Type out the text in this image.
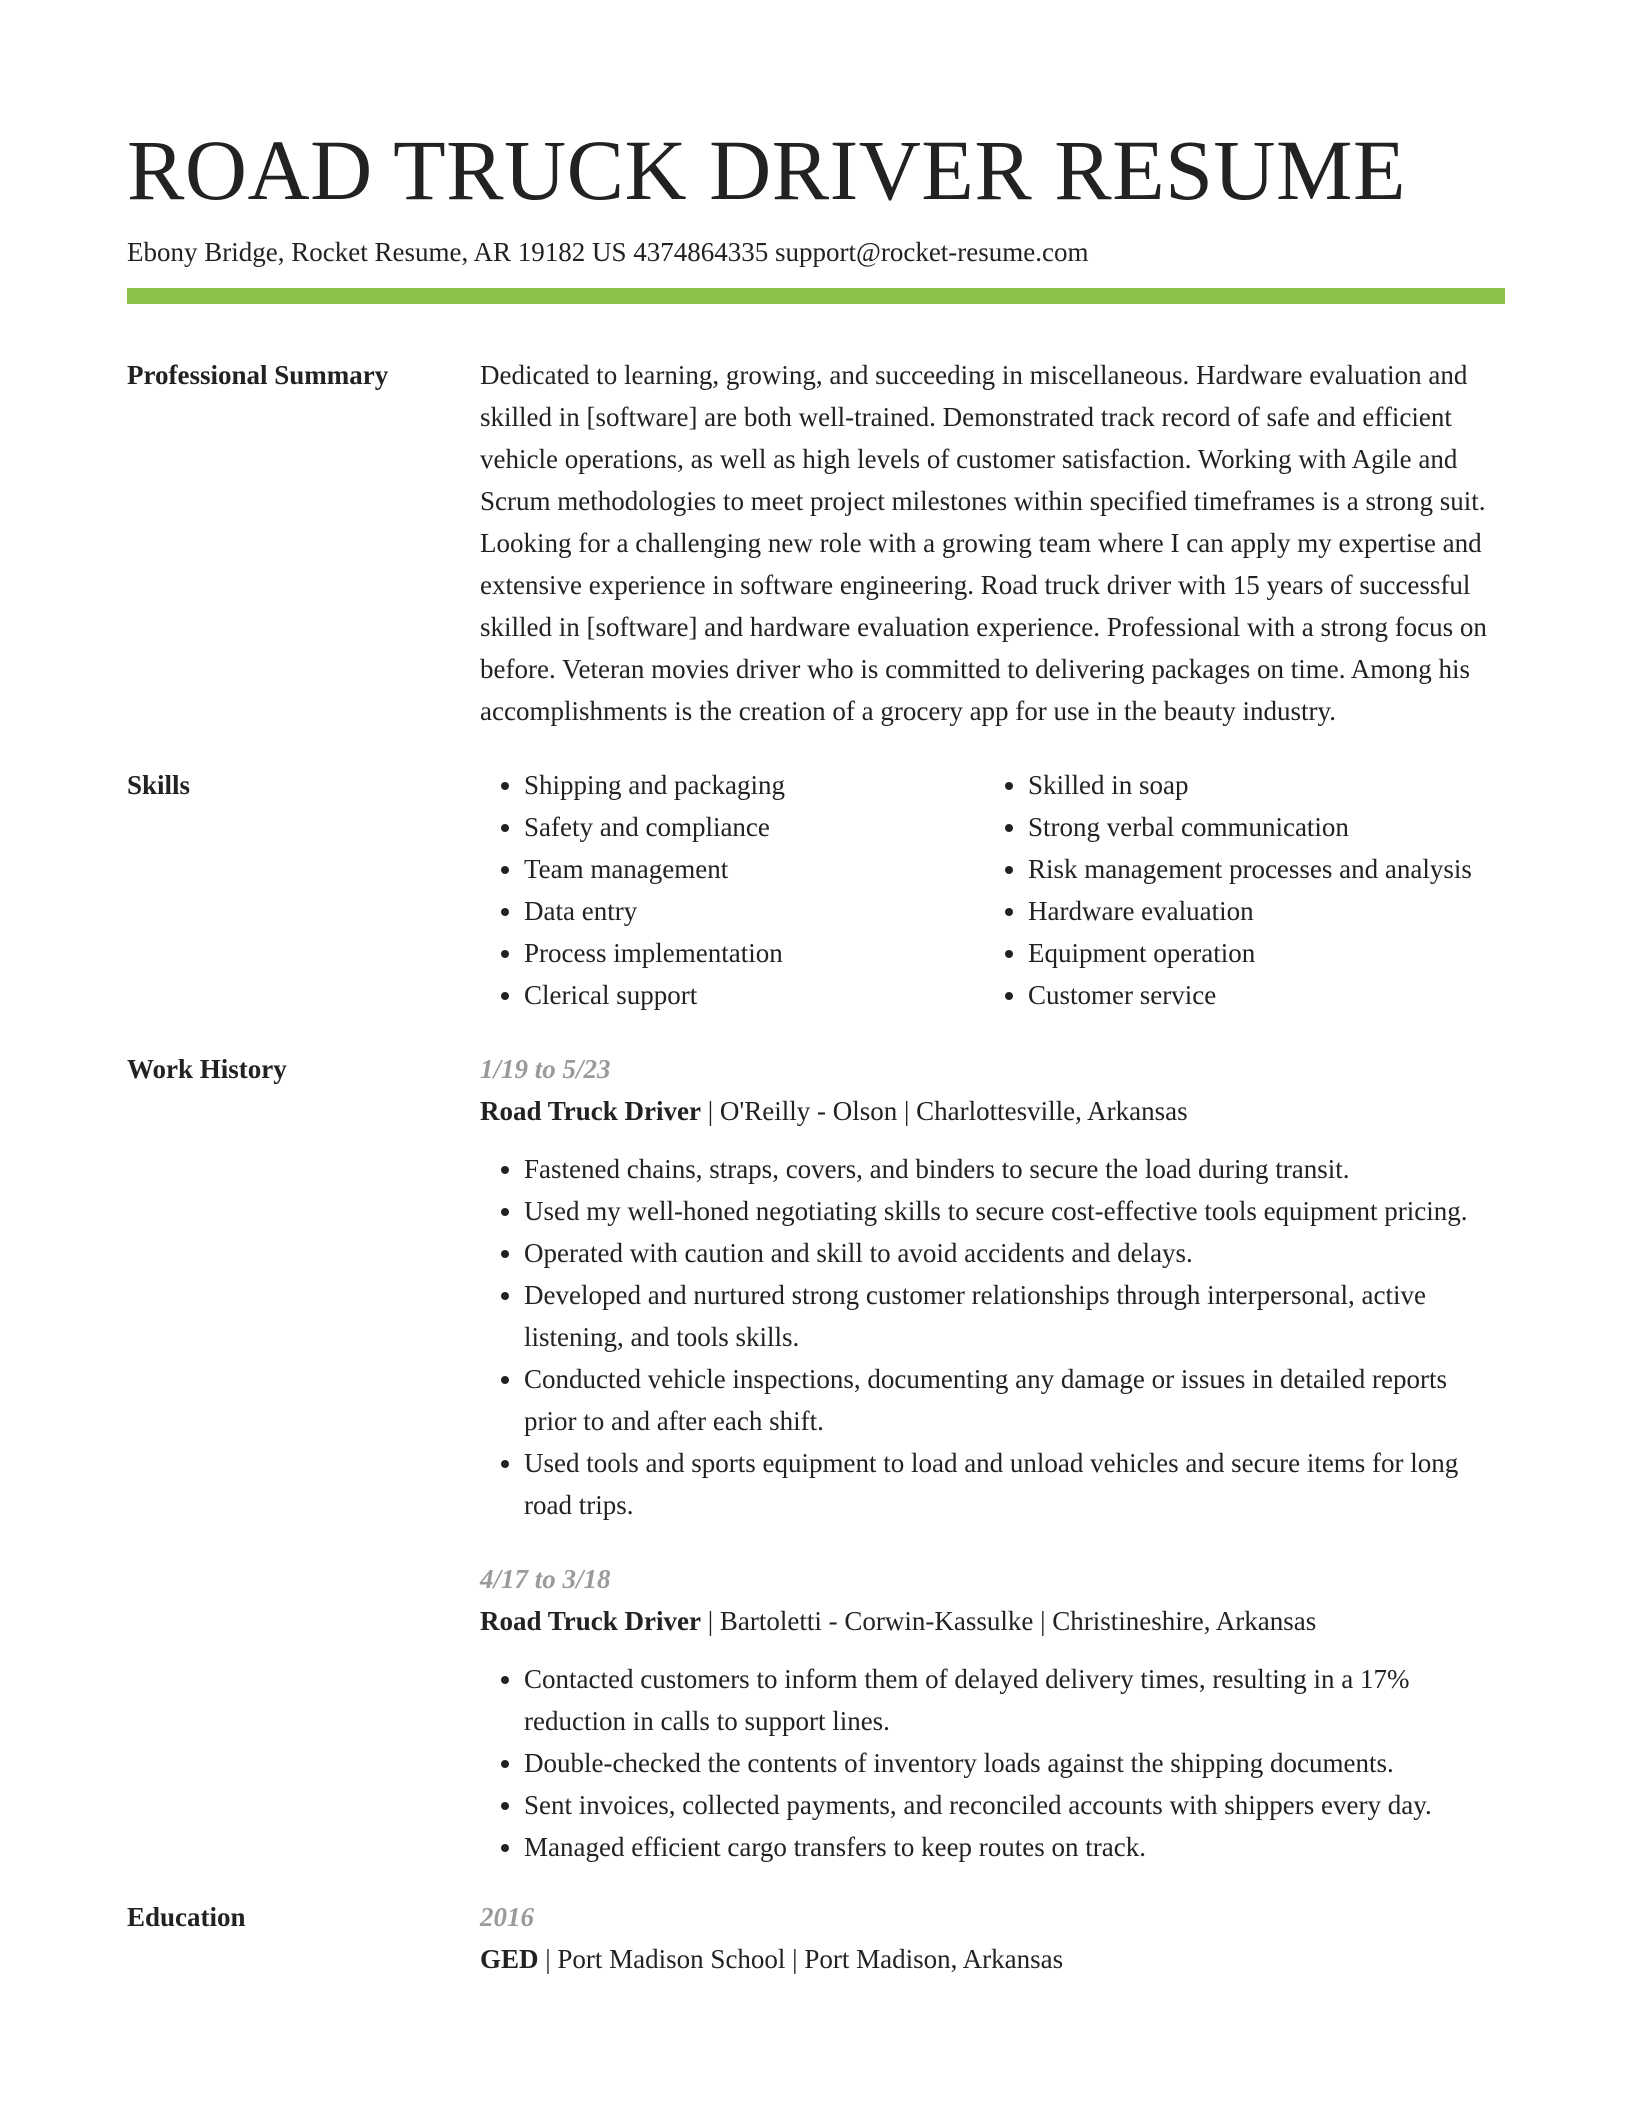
ROAD TRUCK DRIVER RESUME
Ebony Bridge, Rocket Resume, AR 19182 US 4374864335 support@rocket-resume.com
Professional Summary	Dedicated to learning, growing, and succeeding in miscellaneous. Hardware evaluation and skilled in [software] are both well-trained. Demonstrated track record of safe and efficient vehicle operations, as well as high levels of customer satisfaction. Working with Agile and Scrum methodologies to meet project milestones within specified timeframes is a strong suit. Looking for a challenging new role with a growing team where I can apply my expertise and extensive experience in software engineering. Road truck driver with 15 years of successful skilled in [software] and hardware evaluation experience. Professional with a strong focus on before. Veteran movies driver who is committed to delivering packages on time. Among his accomplishments is the creation of a grocery app for use in the beauty industry.

Skills
•	Shipping and packaging
• Safety and compliance
• Team management
• Data entry
• Process implementation
• Clerical support
• Skilled in soap
• Strong verbal communication
• Risk management processes and analysis
• Hardware evaluation
• Equipment operation
• Customer service
Work History	1/19 to 5/23

Road Truck Driver | O'Reilly - Olson | Charlottesville, Arkansas

• Fastened chains, straps, covers, and binders to secure the load during transit.
• Used my well-honed negotiating skills to secure cost-effective tools equipment pricing.
• Operated with caution and skill to avoid accidents and delays.
• Developed and nurtured strong customer relationships through interpersonal, active listening, and tools skills.
• Conducted vehicle inspections, documenting any damage or issues in detailed reports prior to and after each shift.
• Used tools and sports equipment to load and unload vehicles and secure items for long road trips.
4/17 to 3/18

Road Truck Driver | Bartoletti - Corwin-Kassulke | Christineshire, Arkansas

• Contacted customers to inform them of delayed delivery times, resulting in a 17% reduction in calls to support lines.
• Double-checked the contents of inventory loads against the shipping documents.
• Sent invoices, collected payments, and reconciled accounts with shippers every day.
• Managed efficient cargo transfers to keep routes on track.
Education	2016

GED | Port Madison School | Port Madison, Arkansas
